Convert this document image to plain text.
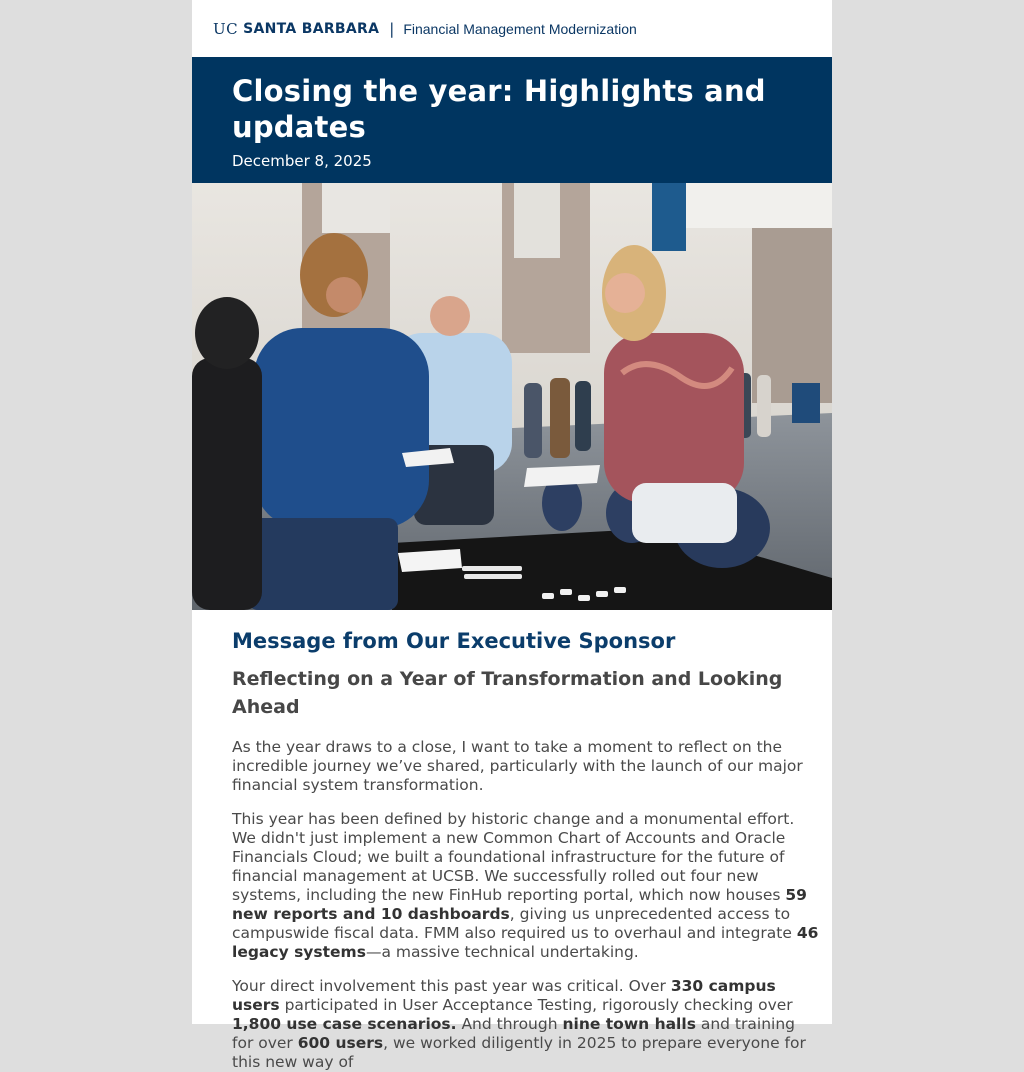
UC SANTA BARBARA | Financial Management Modernization
Closing the year: Highlights and updates
December 8, 2025
Message from Our Executive Sponsor
Reflecting on a Year of Transformation and Looking Ahead

As the year draws to a close, I want to take a moment to reflect on the incredible journey we’ve shared, particularly with the launch of our major financial system transformation.

This year has been defined by historic change and a monumental effort. We didn't just implement a new Common Chart of Accounts and Oracle Financials Cloud; we built a foundational infrastructure for the future of financial management at UCSB. We successfully rolled out four new systems, including the new FinHub reporting portal, which now houses 59 new reports and 10 dashboards, giving us unprecedented access to campuswide fiscal data. FMM also required us to overhaul and integrate 46 legacy systems—a massive technical undertaking.

Your direct involvement this past year was critical. Over 330 campus users participated in User Acceptance Testing, rigorously checking over 1,800 use case scenarios. And through nine town halls and training for over 600 users, we worked diligently in 2025 to prepare everyone for this new way of
